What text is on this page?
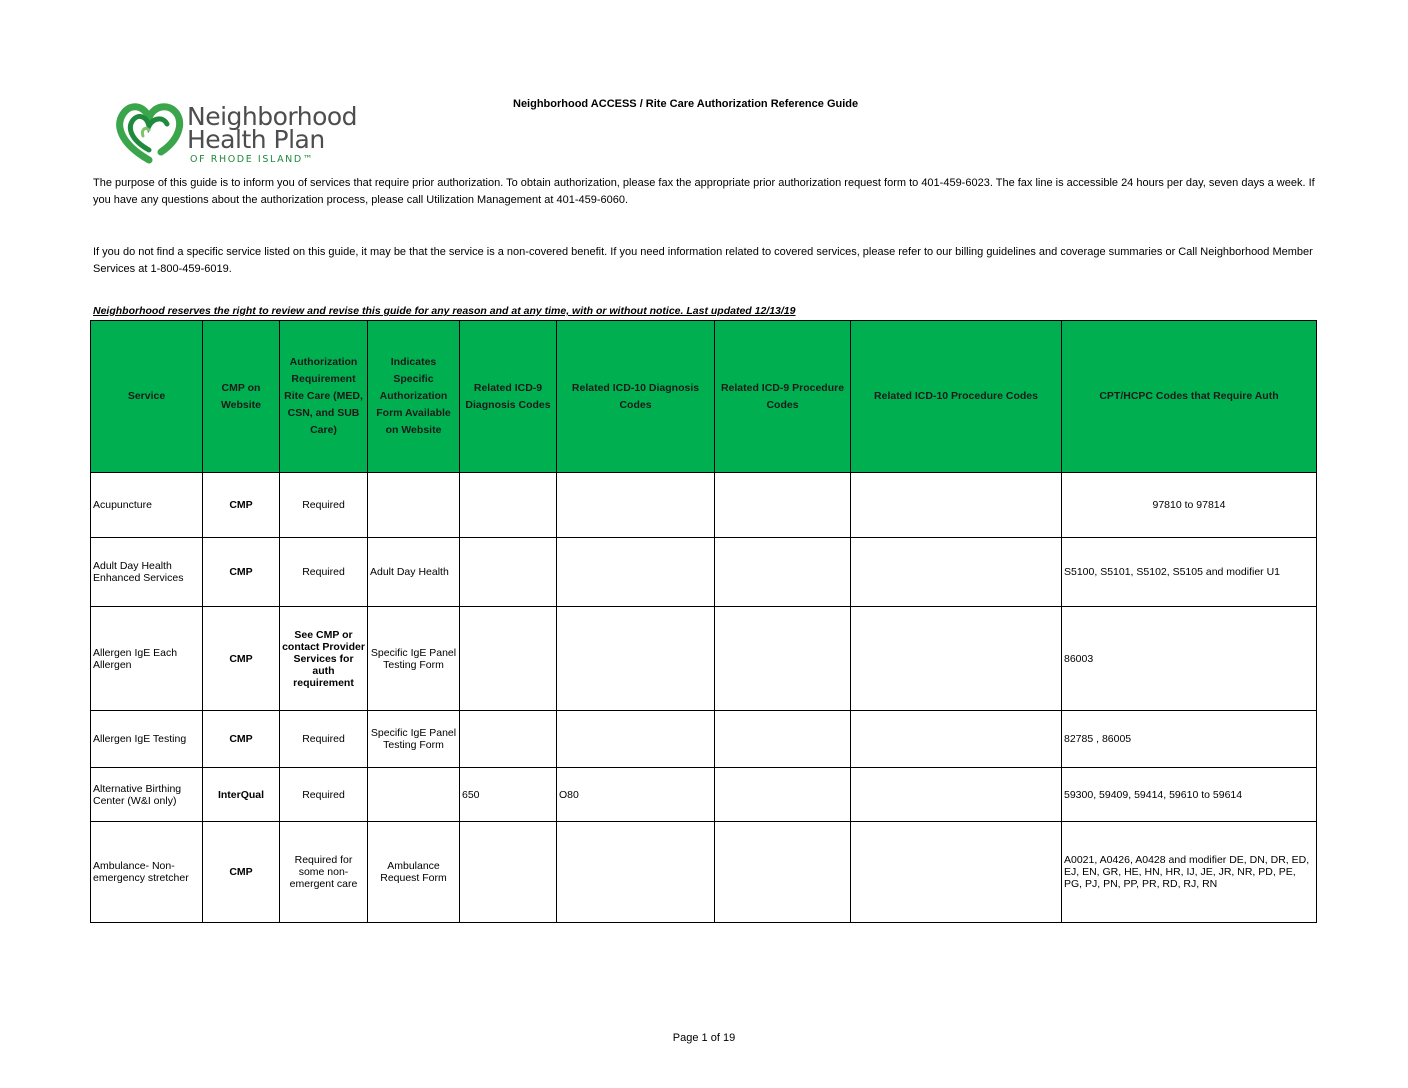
Neighborhood
Health Plan
OF RHODE ISLAND™
Neighborhood ACCESS / Rite Care Authorization Reference Guide

The purpose of this guide is to inform you of services that require prior authorization. To obtain authorization, please fax the appropriate prior authorization request form to 401-459-6023. The fax line is accessible 24 hours per day, seven days a week. If you have any questions about the authorization process, please call Utilization Management at 401-459-6060.

If you do not find a specific service listed on this guide, it may be that the service is a non-covered benefit. If you need information related to covered services, please refer to our billing guidelines and coverage summaries or Call Neighborhood Member Services at 1-800-459-6019.

Neighborhood reserves the right to review and revise this guide for any reason and at any time, with or without notice. Last updated 12/13/19
Service	CMP on Website	Authorization Requirement Rite Care (MED, CSN, and SUB Care)	Indicates Specific Authorization Form Available on Website	Related ICD-9 Diagnosis Codes	Related ICD-10 Diagnosis Codes	Related ICD-9 Procedure Codes	Related ICD-10 Procedure Codes	CPT/HCPC Codes that Require Auth
Acupuncture	CMP	Required						97810 to 97814
Adult Day Health Enhanced Services	CMP	Required	Adult Day Health					S5100, S5101, S5102, S5105 and modifier U1
Allergen IgE Each Allergen	CMP	See CMP or contact Provider Services for auth requirement	Specific IgE Panel Testing Form					86003
Allergen IgE Testing	CMP	Required	Specific IgE Panel Testing Form					82785 , 86005
Alternative Birthing Center (W&I only)	InterQual	Required		650	O80			59300, 59409, 59414, 59610 to 59614
Ambulance- Non-emergency stretcher	CMP	Required for some non-emergent care	Ambulance Request Form					A0021, A0426, A0428 and modifier DE, DN, DR, ED, EJ, EN, GR, HE, HN, HR, IJ, JE, JR, NR, PD, PE, PG, PJ, PN, PP, PR, RD, RJ, RN
Page 1 of 19
